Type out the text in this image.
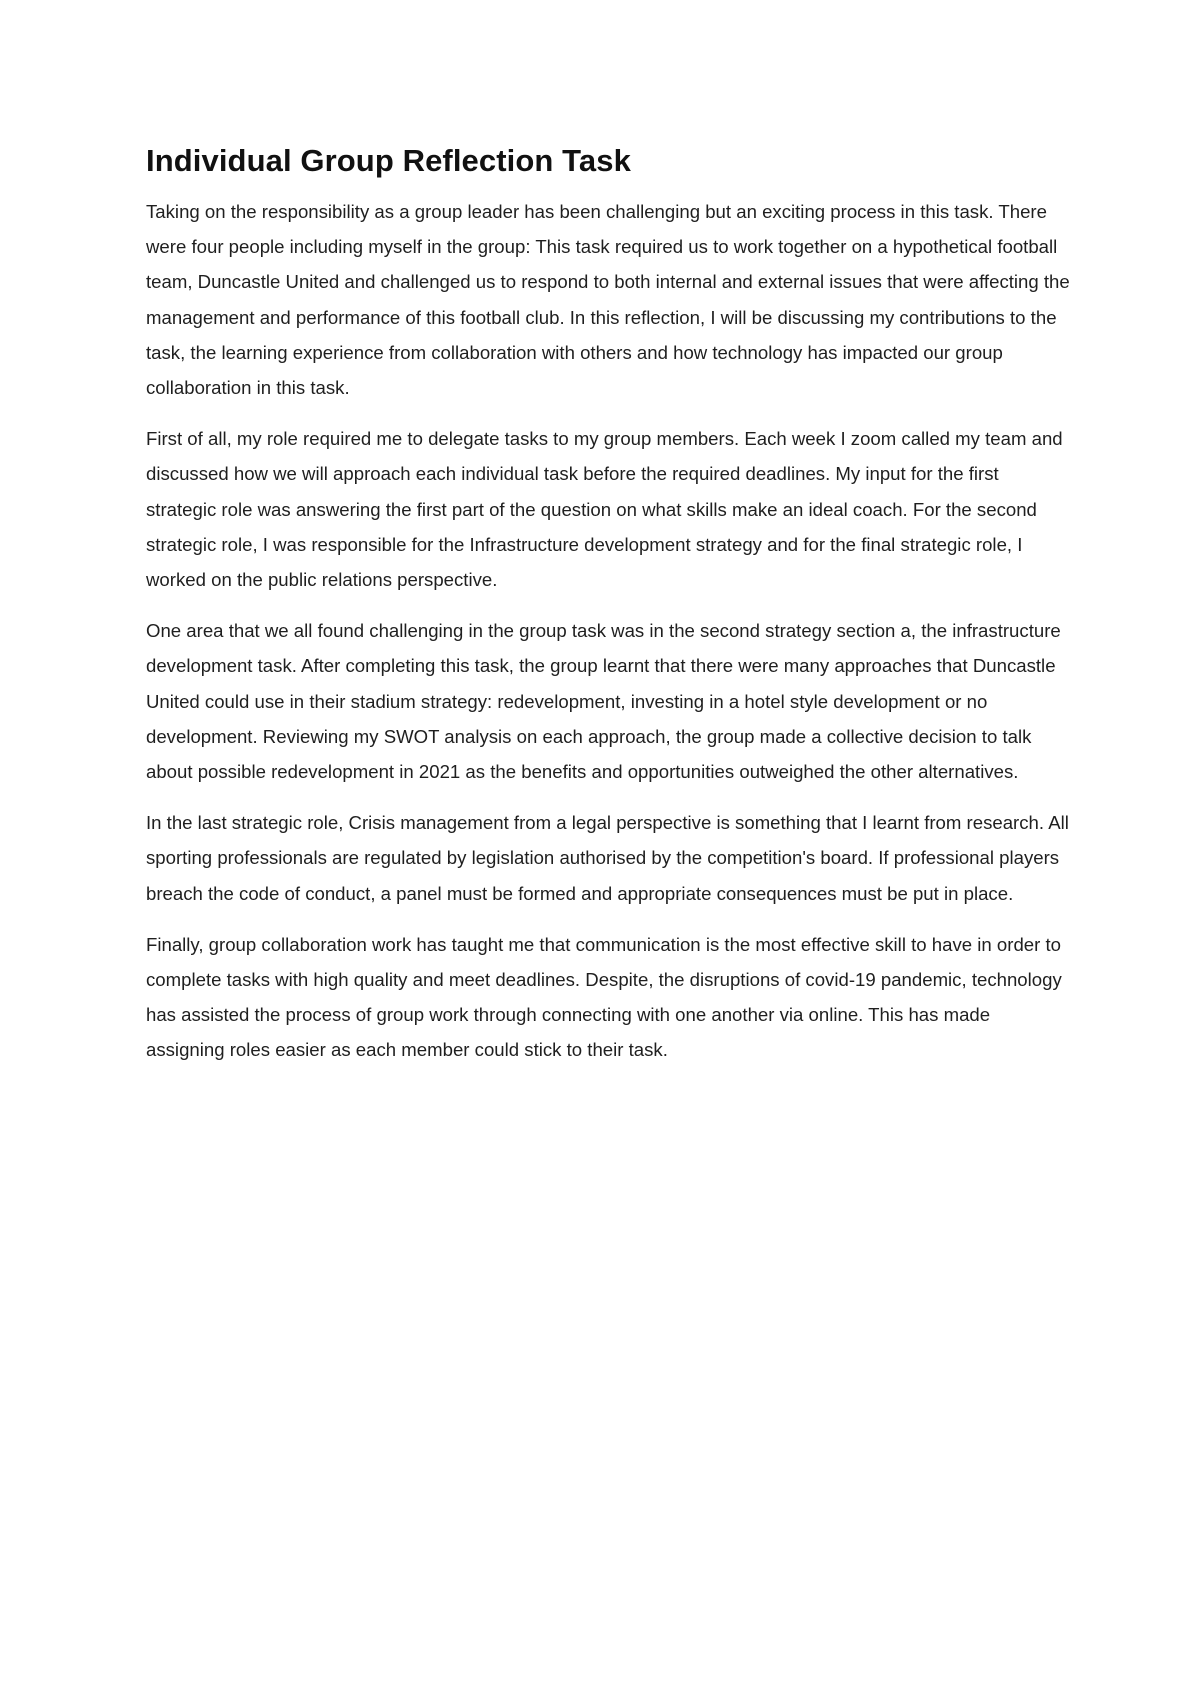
Individual Group Reflection Task

Taking on the responsibility as a group leader has been challenging but an exciting process in this task. There were four people including myself in the group: This task required us to work together on a hypothetical football team, Duncastle United and challenged us to respond to both internal and external issues that were affecting the management and performance of this football club. In this reflection, I will be discussing my contributions to the task, the learning experience from collaboration with others and how technology has impacted our group collaboration in this task.

First of all, my role required me to delegate tasks to my group members. Each week I zoom called my team and discussed how we will approach each individual task before the required deadlines. My input for the first strategic role was answering the first part of the question on what skills make an ideal coach. For the second strategic role, I was responsible for the Infrastructure development strategy and for the final strategic role, I worked on the public relations perspective.

One area that we all found challenging in the group task was in the second strategy section a, the infrastructure development task. After completing this task, the group learnt that there were many approaches that Duncastle United could use in their stadium strategy: redevelopment, investing in a hotel style development or no development. Reviewing my SWOT analysis on each approach, the group made a collective decision to talk about possible redevelopment in 2021 as the benefits and opportunities outweighed the other alternatives.

In the last strategic role, Crisis management from a legal perspective is something that I learnt from research. All sporting professionals are regulated by legislation authorised by the competition's board. If professional players breach the code of conduct, a panel must be formed and appropriate consequences must be put in place.

Finally, group collaboration work has taught me that communication is the most effective skill to have in order to complete tasks with high quality and meet deadlines. Despite, the disruptions of covid-19 pandemic, technology has assisted the process of group work through connecting with one another via online. This has made assigning roles easier as each member could stick to their task.
